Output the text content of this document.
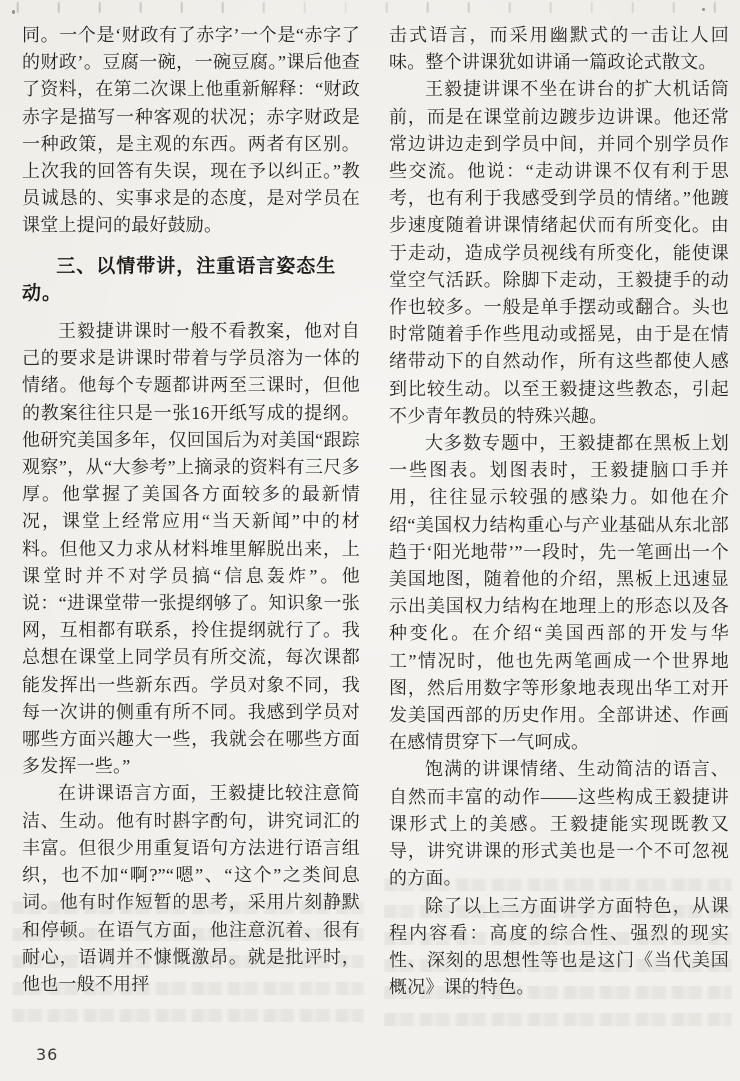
同。一个是‘财政有了赤字’一个是“赤字了的财政’。豆腐一碗，一碗豆腐。”课后他查了资料，在第二次课上他重新解释：“财政赤字是描写一种客观的状况；赤字财政是一种政策，是主观的东西。两者有区别。上次我的回答有失误，现在予以纠正。”教员诚恳的、实事求是的态度，是对学员在课堂上提问的最好鼓励。

三、以情带讲，注重语言姿态生动。

王毅捷讲课时一般不看教案，他对自己的要求是讲课时带着与学员溶为一体的情绪。他每个专题都讲两至三课时，但他的教案往往只是一张16开纸写成的提纲。他研究美国多年，仅回国后为对美国“跟踪观察”，从“大参考”上摘录的资料有三尺多厚。他掌握了美国各方面较多的最新情况，课堂上经常应用“当天新闻”中的材料。但他又力求从材料堆里解脱出来，上课堂时并不对学员搞“信息轰炸”。他说：“进课堂带一张提纲够了。知识象一张网，互相都有联系，拎住提纲就行了。我总想在课堂上同学员有所交流，每次课都能发挥出一些新东西。学员对象不同，我每一次讲的侧重有所不同。我感到学员对哪些方面兴趣大一些，我就会在哪些方面多发挥一些。”

在讲课语言方面，王毅捷比较注意简洁、生动。他有时斟字酌句，讲究词汇的丰富。但很少用重复语句方法进行语言组织，也不加“啊?”“嗯”、“这个”之类间息词。他有时作短暂的思考，采用片刻静默和停顿。在语气方面，他注意沉着、很有耐心，语调并不慷慨激昂。就是批评时，他也一般不用抨

击式语言，而采用幽默式的一击让人回味。整个讲课犹如讲诵一篇政论式散文。

王毅捷讲课不坐在讲台的扩大机话筒前，而是在课堂前边踱步边讲课。他还常常边讲边走到学员中间，并同个别学员作些交流。他说：“走动讲课不仅有利于思考，也有利于我感受到学员的情绪。”他踱步速度随着讲课情绪起伏而有所变化。由于走动，造成学员视线有所变化，能使课堂空气活跃。除脚下走动，王毅捷手的动作也较多。一般是单手摆动或翻合。头也时常随着手作些甩动或摇晃，由于是在情绪带动下的自然动作，所有这些都使人感到比较生动。以至王毅捷这些教态，引起不少青年教员的特殊兴趣。

大多数专题中，王毅捷都在黑板上划一些图表。划图表时，王毅捷脑口手并用，往往显示较强的感染力。如他在介绍“美国权力结构重心与产业基础从东北部趋于‘阳光地带’”一段时，先一笔画出一个美国地图，随着他的介绍，黑板上迅速显示出美国权力结构在地理上的形态以及各种变化。在介绍“美国西部的开发与华工”情况时，他也先两笔画成一个世界地图，然后用数字等形象地表现出华工对开发美国西部的历史作用。全部讲述、作画在感情贯穿下一气呵成。

饱满的讲课情绪、生动简洁的语言、自然而丰富的动作——这些构成王毅捷讲课形式上的美感。王毅捷能实现既教又导，讲究讲课的形式美也是一个不可忽视的方面。

除了以上三方面讲学方面特色，从课程内容看：高度的综合性、强烈的现实性、深刻的思想性等也是这门《当代美国概况》课的特色。

36
